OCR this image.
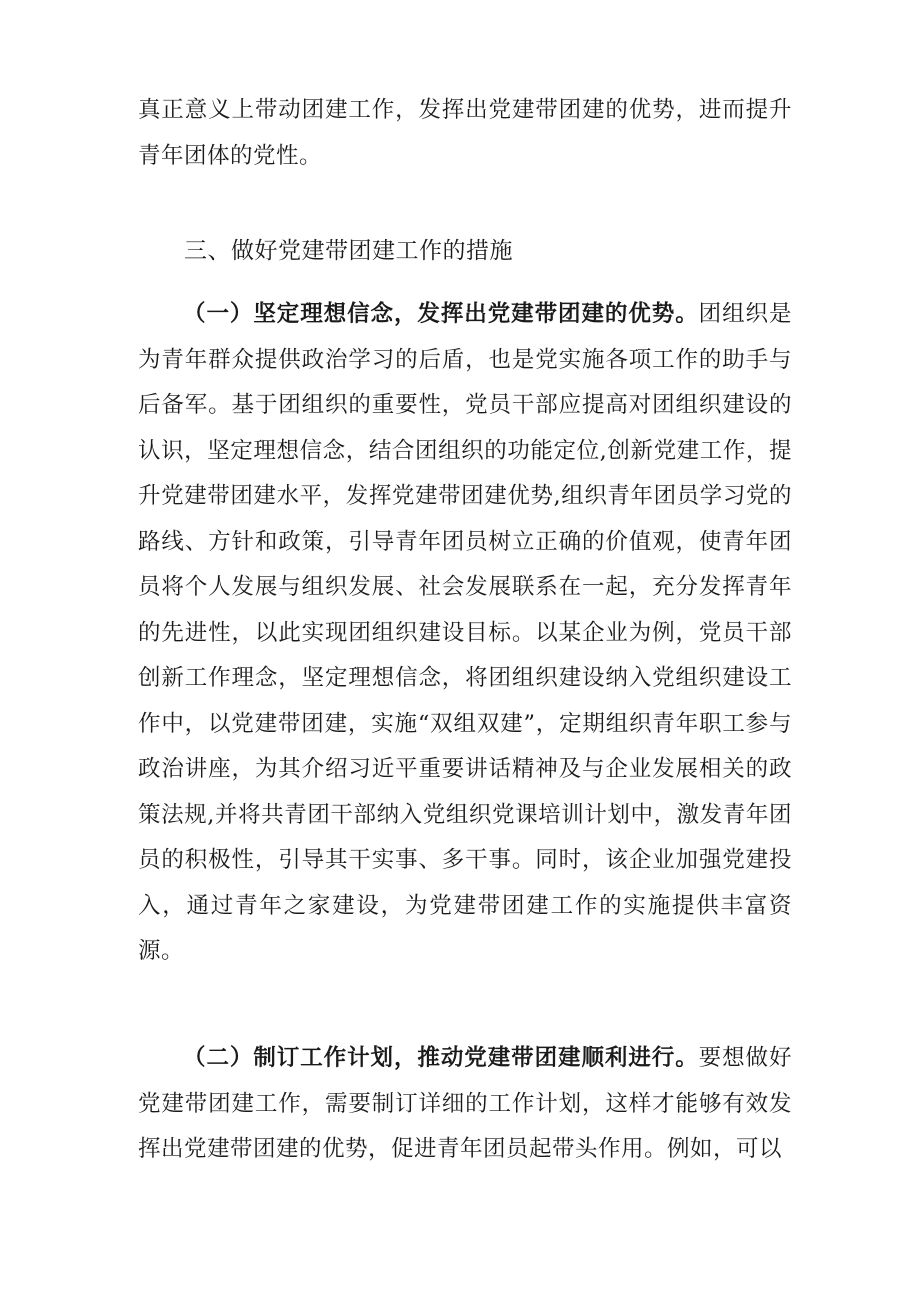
真正意义上带动团建工作，发挥出党建带团建的优势，进而提升青年团体的党性。

三、做好党建带团建工作的措施

（一）坚定理想信念，发挥出党建带团建的优势。团组织是为青年群众提供政治学习的后盾，也是党实施各项工作的助手与后备军。基于团组织的重要性，党员干部应提高对团组织建设的认识，坚定理想信念，结合团组织的功能定位,创新党建工作，提升党建带团建水平，发挥党建带团建优势,组织青年团员学习党的路线、方针和政策，引导青年团员树立正确的价值观，使青年团员将个人发展与组织发展、社会发展联系在一起，充分发挥青年的先进性，以此实现团组织建设目标。以某企业为例，党员干部创新工作理念，坚定理想信念，将团组织建设纳入党组织建设工作中，以党建带团建，实施“双组双建”，定期组织青年职工参与政治讲座，为其介绍习近平重要讲话精神及与企业发展相关的政策法规,并将共青团干部纳入党组织党课培训计划中，激发青年团员的积极性，引导其干实事、多干事。同时，该企业加强党建投入，通过青年之家建设，为党建带团建工作的实施提供丰富资源。

（二）制订工作计划，推动党建带团建顺利进行。要想做好党建带团建工作，需要制订详细的工作计划，这样才能够有效发挥出党建带团建的优势，促进青年团员起带头作用。例如，可以
